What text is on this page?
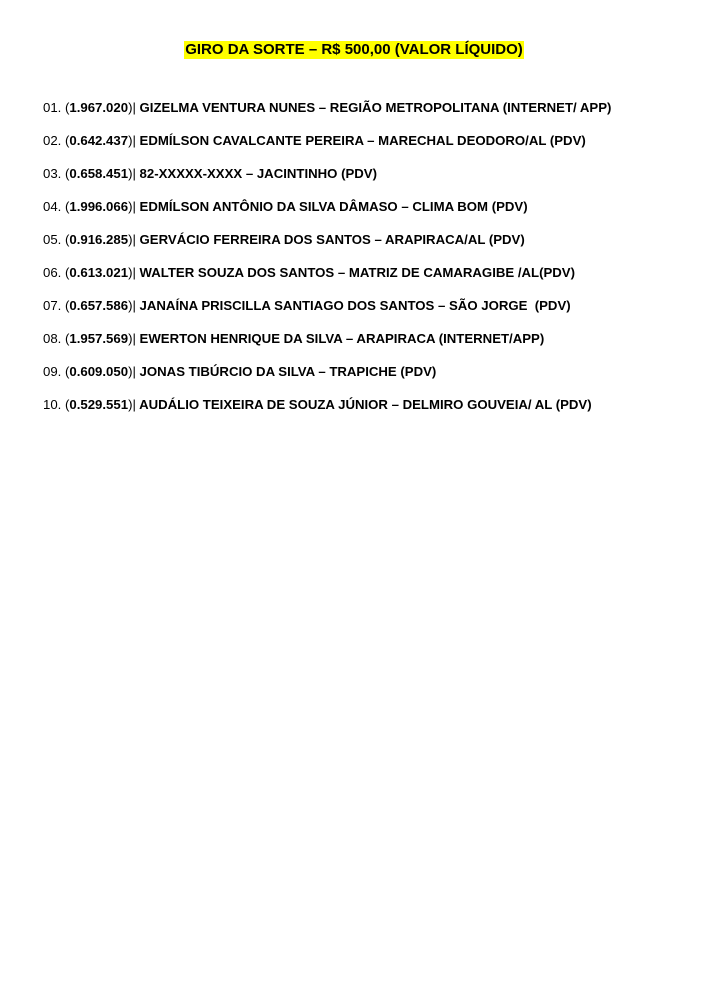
GIRO DA SORTE – R$ 500,00 (VALOR LÍQUIDO)
01. (1.967.020)| GIZELMA VENTURA NUNES – REGIÃO METROPOLITANA (INTERNET/ APP)
02. (0.642.437)| EDMÍLSON CAVALCANTE PEREIRA – MARECHAL DEODORO/AL (PDV)
03. (0.658.451)| 82-XXXXX-XXXX – JACINTINHO (PDV)
04. (1.996.066)| EDMÍLSON ANTÔNIO DA SILVA DÂMASO – CLIMA BOM (PDV)
05. (0.916.285)| GERVÁCIO FERREIRA DOS SANTOS – ARAPIRACA/AL (PDV)
06. (0.613.021)| WALTER SOUZA DOS SANTOS – MATRIZ DE CAMARAGIBE /AL(PDV)
07. (0.657.586)| JANAÍNA PRISCILLA SANTIAGO DOS SANTOS – SÃO JORGE  (PDV)
08. (1.957.569)| EWERTON HENRIQUE DA SILVA – ARAPIRACA (INTERNET/APP)
09. (0.609.050)| JONAS TIBÚRCIO DA SILVA – TRAPICHE (PDV)
10. (0.529.551)| AUDÁLIO TEIXEIRA DE SOUZA JÚNIOR – DELMIRO GOUVEIA/ AL (PDV)
